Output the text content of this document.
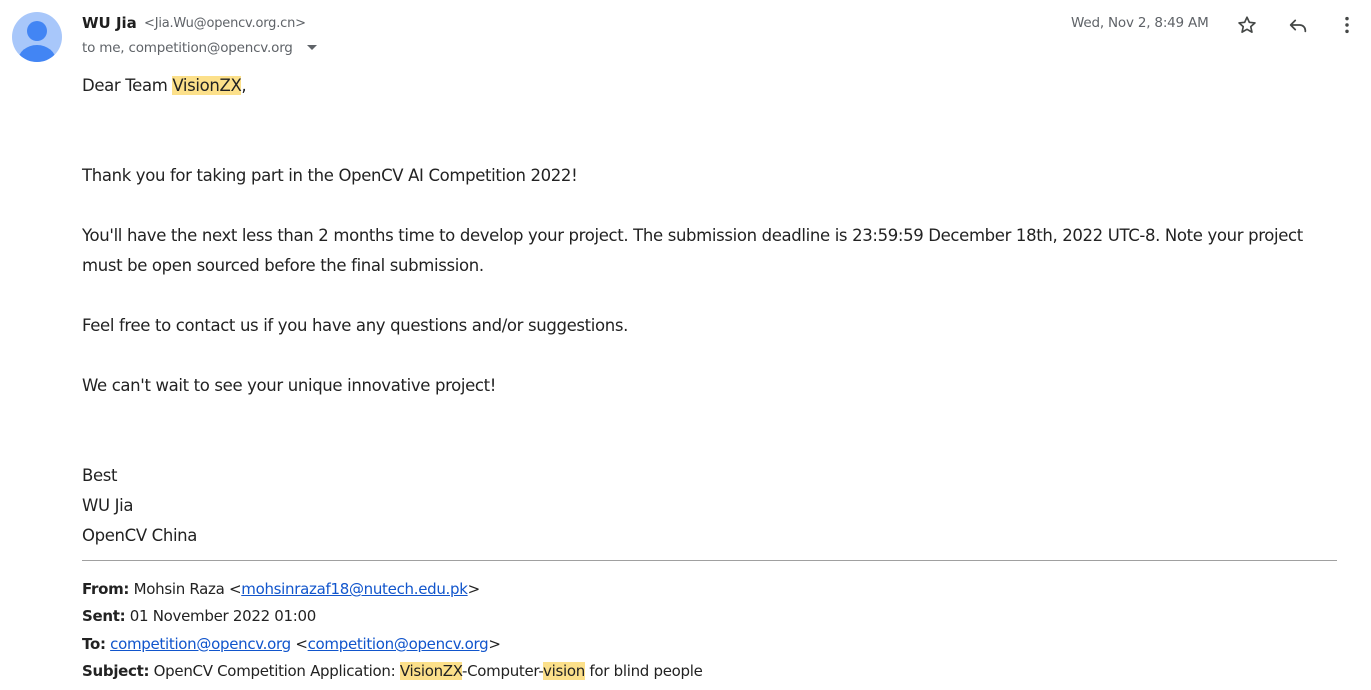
WU Jia <Jia.Wu@opencv.org.cn>
to me, competition@opencv.org
Wed, Nov 2, 8:49 AM
Dear Team VisionZX,
Thank you for taking part in the OpenCV AI Competition 2022!
You'll have the next less than 2 months time to develop your project. The submission deadline is 23:59:59 December 18th, 2022 UTC-8. Note your project
must be open sourced before the final submission.
Feel free to contact us if you have any questions and/or suggestions.
We can't wait to see your unique innovative project!
Best
WU Jia
OpenCV China
From: Mohsin Raza <mohsinrazaf18@nutech.edu.pk>
Sent: 01 November 2022 01:00
To: competition@opencv.org <competition@opencv.org>
Subject: OpenCV Competition Application: VisionZX-Computer-vision for blind people
